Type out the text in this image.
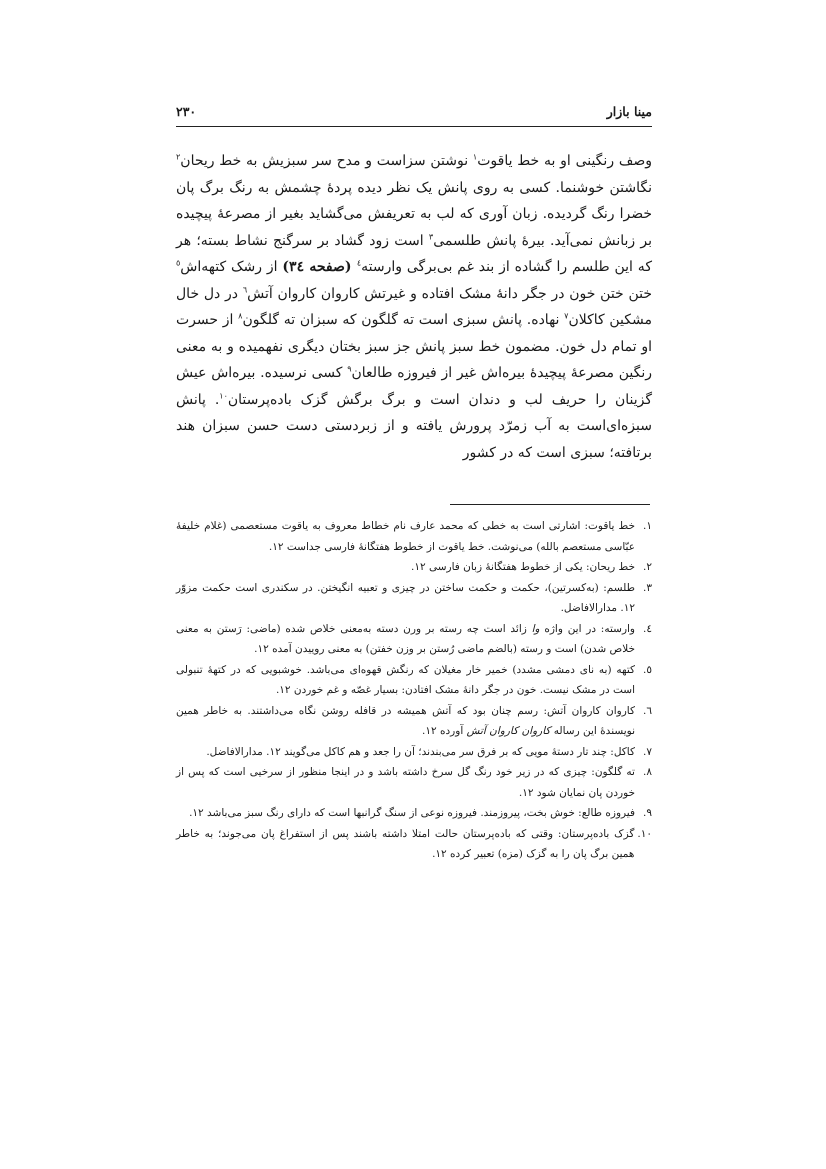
مینا بازار
۲۳۰

وصف رنگینی او به خط یاقوت$^۱$ نوشتن سزاست و مدح سر سبزیش به خط ریحان$^۲$ نگاشتن خوشنما. کسی به روی پانش یک نظر دیده پردهٔ چشمش به رنگ برگ پان خضرا رنگ گردیده. زبان آوری که لب به تعریفش می‌گشاید بغیر از مصرعهٔ پیچیده بر زبانش نمی‌آید. بیرهٔ پانش طلسمی$^۳$ است زود گشاد بر سرگنج نشاط بسته؛ هر که این طلسم را گشاده از بند غم بی‌برگی وارسته$^٤$ (صفحه ٣٤) از رشک کتهه‌اش$^٥$ ختن ختن خون در جگر دانهٔ مشک افتاده و غیرتش کاروان کاروان آتش$^٦$ در دل خال مشکین کاکلان$^۷$ نهاده. پانش سبزی است ته گلگون که سبزان ته گلگون$^۸$ از حسرت او تمام دل خون. مضمون خط سبز پانش جز سبز بختان دیگری نفهمیده و به معنی رنگین مصرعهٔ پیچیدهٔ بیره‌اش غیر از فیروزه طالعان$^۹$ کسی نرسیده. بیره‌اش عیش گزینان را حریف لب و دندان است و برگ برگش گزک باده‌پرستان$^{۱۰}$. پانش سبزه‌ای‌است به آب زمرّد پرورش یافته و از زبردستی دست حسن سبزان هند برتافته؛ سبزی است که در کشور

۱.
خط یاقوت: اشارتی است به خطی که محمد عارف نام خطاط معروف به یاقوت مستعصمی (غلام خلیفهٔ عبّاسی مستعصم بالله) می‌نوشت. خط یاقوت از خطوط هفتگانهٔ فارسی جداست ۱۲.
۲.
خط ریحان: یکی از خطوط هفتگانهٔ زبان فارسی ۱۲.
۳.
طلسم: (به‌کسرتین)، حکمت و حکمت ساختن در چیزی و تعبیه انگیختن. در سکندری است حکمت مزوّر ۱۲. مدارالافاضل.
٤.
وارسته: در این واژه وا زائد است چه رسته بر ورن دسته به‌معنی خلاص شده (ماضی: رَستن به معنی خلاص شدن) است و رسته (بالضم ماضی رُستن بر وزن خفتن) به معنی روییدن آمده ۱۲.
٥.
کتهه (به نای دمشی مشدد) خمیر خار مغیلان که رنگش قهوه‌ای می‌باشد. خوشبویی که در کتههٔ تنبولی است در مشک نیست. خون در جگر دانهٔ مشک افتادن: بسیار غصّه و غم خوردن ۱۲.
٦.
کاروان کاروان آتش: رسم چنان بود که آتش همیشه در قافله روشن نگاه می‌داشتند. به خاطر همین نویسندهٔ این رساله کاروان کاروان آتش آورده ۱۲.
۷.
کاکل: چند تار دستهٔ مویی که بر فرق سر می‌بندند؛ آن را جعد و هم کاکل می‌گویند ۱۲. مدارالافاضل.
۸.
ته گلگون: چیزی که در زیر خود رنگ گل سرخ داشته باشد و در اینجا منظور از سرخیی است که پس از خوردن پان نمایان شود ۱۲.
۹.
فیروزه طالع: خوش بخت، پیروزمند. فیروزه نوعی از سنگ گرانبها است که دارای رنگ سبز می‌باشد ۱۲.
۱۰.
گزک باده‌پرستان: وقتی که باده‌پرستان حالت امتلا داشته باشند پس از استفراغ پان می‌جوند؛ به خاطر همین برگ پان را به گزک (مزه) تعبیر کرده ۱۲.
